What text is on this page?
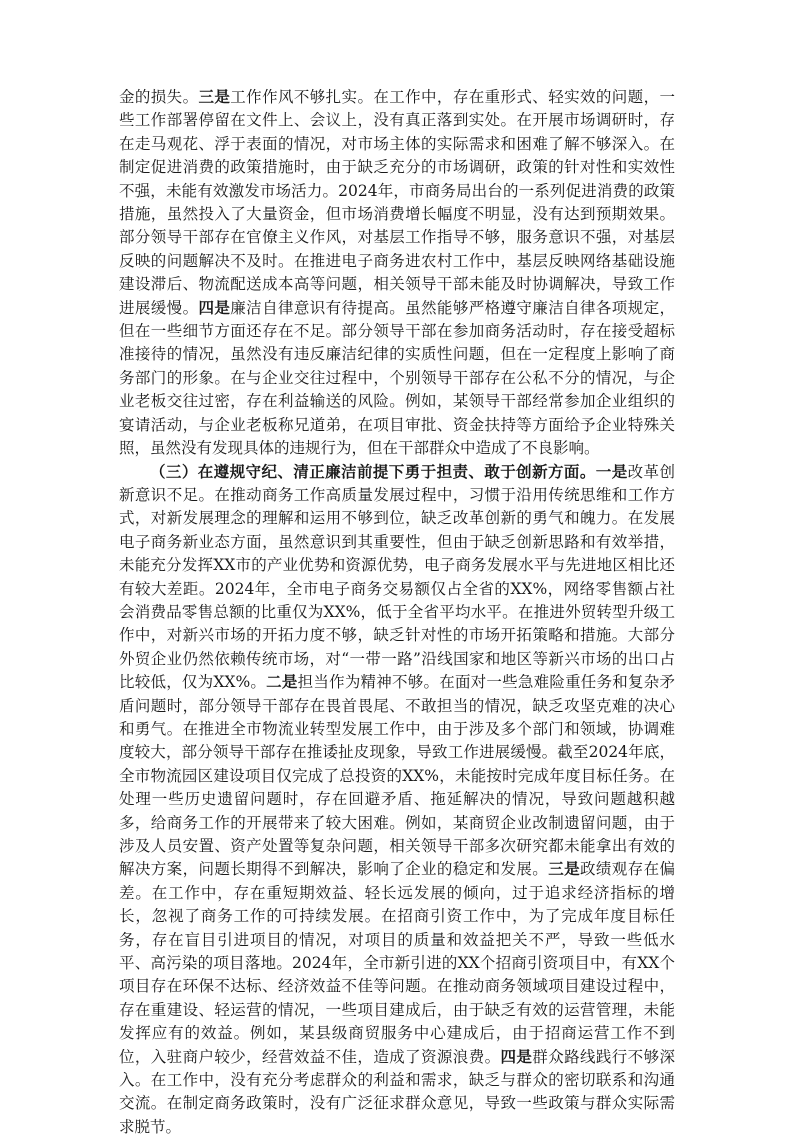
金的损失。三是工作作风不够扎实。在工作中，存在重形式、轻实效的问题，一些工作部署停留在文件上、会议上，没有真正落到实处。在开展市场调研时，存在走马观花、浮于表面的情况，对市场主体的实际需求和困难了解不够深入。在制定促进消费的政策措施时，由于缺乏充分的市场调研，政策的针对性和实效性不强，未能有效激发市场活力。2024年，市商务局出台的一系列促进消费的政策措施，虽然投入了大量资金，但市场消费增长幅度不明显，没有达到预期效果。部分领导干部存在官僚主义作风，对基层工作指导不够，服务意识不强，对基层反映的问题解决不及时。在推进电子商务进农村工作中，基层反映网络基础设施建设滞后、物流配送成本高等问题，相关领导干部未能及时协调解决，导致工作进展缓慢。四是廉洁自律意识有待提高。虽然能够严格遵守廉洁自律各项规定，但在一些细节方面还存在不足。部分领导干部在参加商务活动时，存在接受超标准接待的情况，虽然没有违反廉洁纪律的实质性问题，但在一定程度上影响了商务部门的形象。在与企业交往过程中，个别领导干部存在公私不分的情况，与企业老板交往过密，存在利益输送的风险。例如，某领导干部经常参加企业组织的宴请活动，与企业老板称兄道弟，在项目审批、资金扶持等方面给予企业特殊关照，虽然没有发现具体的违规行为，但在干部群众中造成了不良影响。

（三）在遵规守纪、清正廉洁前提下勇于担责、敢于创新方面。一是改革创新意识不足。在推动商务工作高质量发展过程中，习惯于沿用传统思维和工作方式，对新发展理念的理解和运用不够到位，缺乏改革创新的勇气和魄力。在发展电子商务新业态方面，虽然意识到其重要性，但由于缺乏创新思路和有效举措，未能充分发挥XX市的产业优势和资源优势，电子商务发展水平与先进地区相比还有较大差距。2024年，全市电子商务交易额仅占全省的XX%，网络零售额占社会消费品零售总额的比重仅为XX%，低于全省平均水平。在推进外贸转型升级工作中，对新兴市场的开拓力度不够，缺乏针对性的市场开拓策略和措施。大部分外贸企业仍然依赖传统市场，对“一带一路”沿线国家和地区等新兴市场的出口占比较低，仅为XX%。二是担当作为精神不够。在面对一些急难险重任务和复杂矛盾问题时，部分领导干部存在畏首畏尾、不敢担当的情况，缺乏攻坚克难的决心和勇气。在推进全市物流业转型发展工作中，由于涉及多个部门和领域，协调难度较大，部分领导干部存在推诿扯皮现象，导致工作进展缓慢。截至2024年底，全市物流园区建设项目仅完成了总投资的XX%，未能按时完成年度目标任务。在处理一些历史遗留问题时，存在回避矛盾、拖延解决的情况，导致问题越积越多，给商务工作的开展带来了较大困难。例如，某商贸企业改制遗留问题，由于涉及人员安置、资产处置等复杂问题，相关领导干部多次研究都未能拿出有效的解决方案，问题长期得不到解决，影响了企业的稳定和发展。三是政绩观存在偏差。在工作中，存在重短期效益、轻长远发展的倾向，过于追求经济指标的增长，忽视了商务工作的可持续发展。在招商引资工作中，为了完成年度目标任务，存在盲目引进项目的情况，对项目的质量和效益把关不严，导致一些低水平、高污染的项目落地。2024年，全市新引进的XX个招商引资项目中，有XX个项目存在环保不达标、经济效益不佳等问题。在推动商务领域项目建设过程中，存在重建设、轻运营的情况，一些项目建成后，由于缺乏有效的运营管理，未能发挥应有的效益。例如，某县级商贸服务中心建成后，由于招商运营工作不到位，入驻商户较少，经营效益不佳，造成了资源浪费。四是群众路线践行不够深入。在工作中，没有充分考虑群众的利益和需求，缺乏与群众的密切联系和沟通交流。在制定商务政策时，没有广泛征求群众意见，导致一些政策与群众实际需求脱节。
